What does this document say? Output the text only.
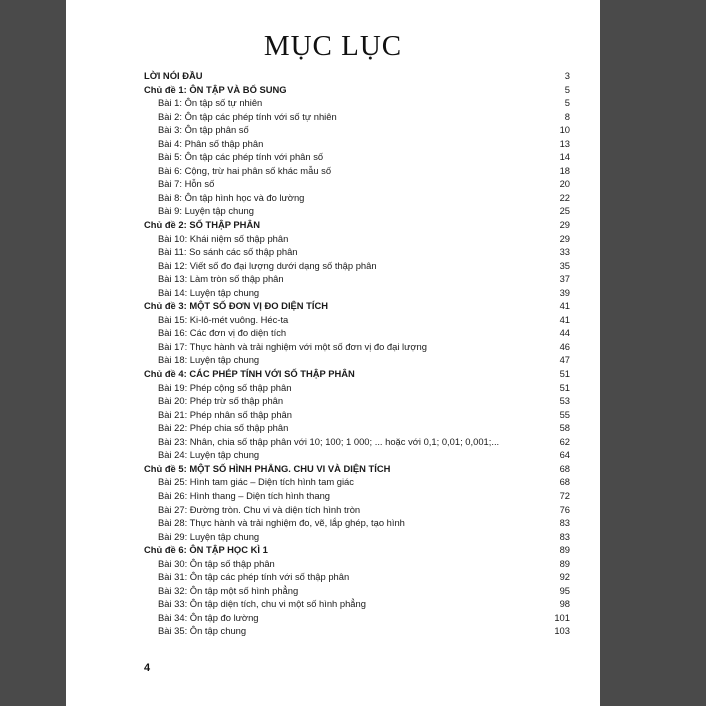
MỤC LỤC
LỜI NÓI ĐẦU	3
Chủ đề 1: ÔN TẬP VÀ BỔ SUNG	5
Bài 1: Ôn tập số tự nhiên	5
Bài 2: Ôn tập các phép tính với số tự nhiên	8
Bài 3: Ôn tập phân số	10
Bài 4: Phân số thập phân	13
Bài 5: Ôn tập các phép tính với phân số	14
Bài 6: Cộng, trừ hai phân số khác mẫu số	18
Bài 7: Hỗn số	20
Bài 8: Ôn tập hình học và đo lường	22
Bài 9: Luyện tập chung	25
Chủ đề 2: SỐ THẬP PHÂN	29
Bài 10: Khái niệm số thập phân	29
Bài 11: So sánh các số thập phân	33
Bài 12: Viết số đo đại lượng dưới dạng số thập phân	35
Bài 13: Làm tròn số thập phân	37
Bài 14: Luyện tập chung	39
Chủ đề 3: MỘT SỐ ĐƠN VỊ ĐO DIỆN TÍCH	41
Bài 15: Ki-lô-mét vuông. Héc-ta	41
Bài 16: Các đơn vị đo diện tích	44
Bài 17: Thực hành và trải nghiệm với một số đơn vị đo đại lượng	46
Bài 18: Luyện tập chung	47
Chủ đề 4: CÁC PHÉP TÍNH VỚI SỐ THẬP PHÂN	51
Bài 19: Phép cộng số thập phân	51
Bài 20: Phép trừ số thập phân	53
Bài 21: Phép nhân số thập phân	55
Bài 22: Phép chia số thập phân	58
Bài 23: Nhân, chia số thập phân với 10; 100; 1 000; ... hoặc với 0,1; 0,01; 0,001;...	62
Bài 24: Luyện tập chung	64
Chủ đề 5: MỘT SỐ HÌNH PHẲNG. CHU VI VÀ DIỆN TÍCH	68
Bài 25: Hình tam giác – Diện tích hình tam giác	68
Bài 26: Hình thang – Diện tích hình thang	72
Bài 27: Đường tròn. Chu vi và diện tích hình tròn	76
Bài 28: Thực hành và trải nghiệm đo, vẽ, lắp ghép, tạo hình	83
Bài 29: Luyện tập chung	83
Chủ đề 6: ÔN TẬP HỌC KÌ 1	89
Bài 30: Ôn tập số thập phân	89
Bài 31: Ôn tập các phép tính với số thập phân	92
Bài 32: Ôn tập một số hình phẳng	95
Bài 33: Ôn tập diện tích, chu vi một số hình phẳng	98
Bài 34: Ôn tập đo lường	101
Bài 35: Ôn tập chung	103
4
